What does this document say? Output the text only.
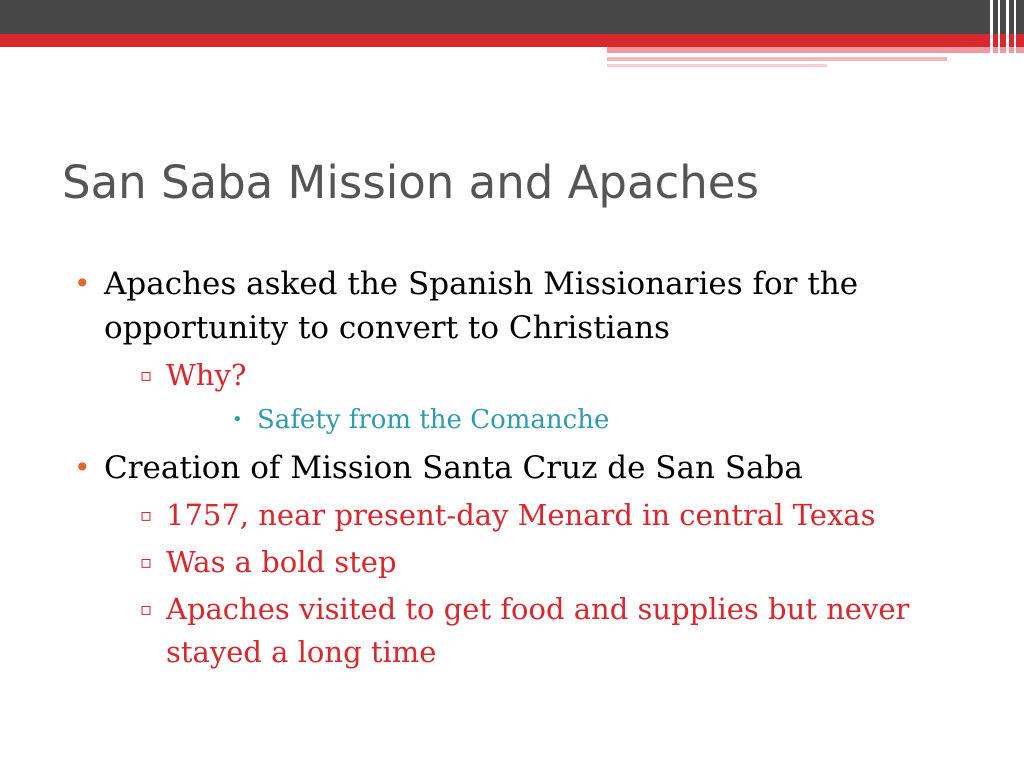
San Saba Mission and Apaches
• Apaches asked the Spanish Missionaries for the opportunity to convert to Christians
▫ Why?
• Safety from the Comanche
• Creation of Mission Santa Cruz de San Saba
▫ 1757, near present-day Menard in central Texas
▫ Was a bold step
▫ Apaches visited to get food and supplies but never stayed a long time
